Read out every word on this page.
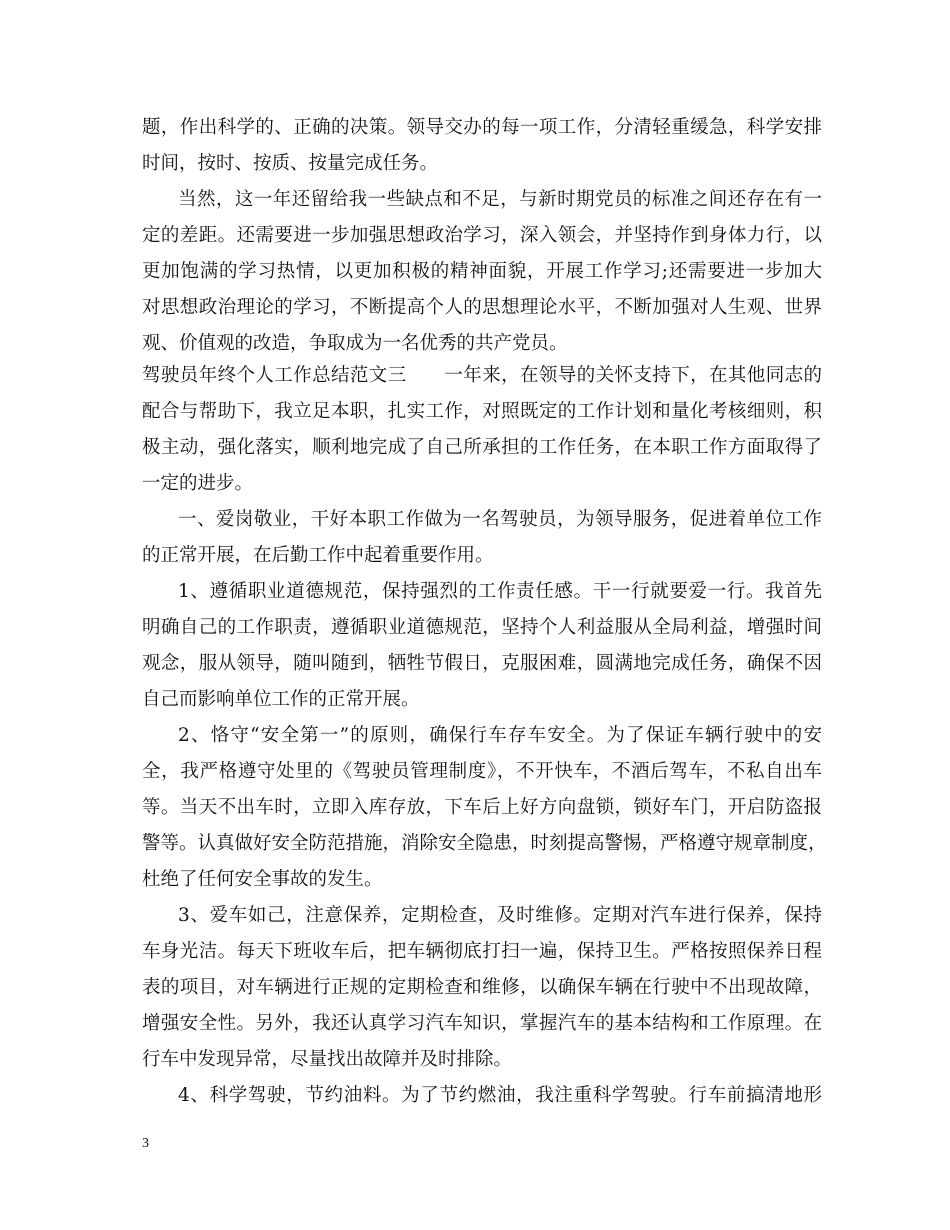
题，作出科学的、正确的决策。领导交办的每一项工作，分清轻重缓急，科学安排
时间，按时、按质、按量完成任务。
当然，这一年还留给我一些缺点和不足，与新时期党员的标准之间还存在有一
定的差距。还需要进一步加强思想政治学习，深入领会，并坚持作到身体力行，以
更加饱满的学习热情，以更加积极的精神面貌，开展工作学习;还需要进一步加大
对思想政治理论的学习，不断提高个人的思想理论水平，不断加强对人生观、世界
观、价值观的改造，争取成为一名优秀的共产党员。
驾驶员年终个人工作总结范文三　　一年来，在领导的关怀支持下，在其他同志的
配合与帮助下，我立足本职，扎实工作，对照既定的工作计划和量化考核细则，积
极主动，强化落实，顺利地完成了自己所承担的工作任务，在本职工作方面取得了
一定的进步。
一、爱岗敬业，干好本职工作做为一名驾驶员，为领导服务，促进着单位工作
的正常开展，在后勤工作中起着重要作用。
1、遵循职业道德规范，保持强烈的工作责任感。干一行就要爱一行。我首先
明确自己的工作职责，遵循职业道德规范，坚持个人利益服从全局利益，增强时间
观念，服从领导，随叫随到，牺牲节假日，克服困难，圆满地完成任务，确保不因
自己而影响单位工作的正常开展。
2、恪守“安全第一”的原则，确保行车存车安全。为了保证车辆行驶中的安
全，我严格遵守处里的《驾驶员管理制度》，不开快车，不酒后驾车，不私自出车
等。当天不出车时，立即入库存放，下车后上好方向盘锁，锁好车门，开启防盗报
警等。认真做好安全防范措施，消除安全隐患，时刻提高警惕，严格遵守规章制度，
杜绝了任何安全事故的发生。
3、爱车如己，注意保养，定期检查，及时维修。定期对汽车进行保养，保持
车身光洁。每天下班收车后，把车辆彻底打扫一遍，保持卫生。严格按照保养日程
表的项目，对车辆进行正规的定期检查和维修，以确保车辆在行驶中不出现故障，
增强安全性。另外，我还认真学习汽车知识，掌握汽车的基本结构和工作原理。在
行车中发现异常，尽量找出故障并及时排除。
4、科学驾驶，节约油料。为了节约燃油，我注重科学驾驶。行车前搞清地形
3
